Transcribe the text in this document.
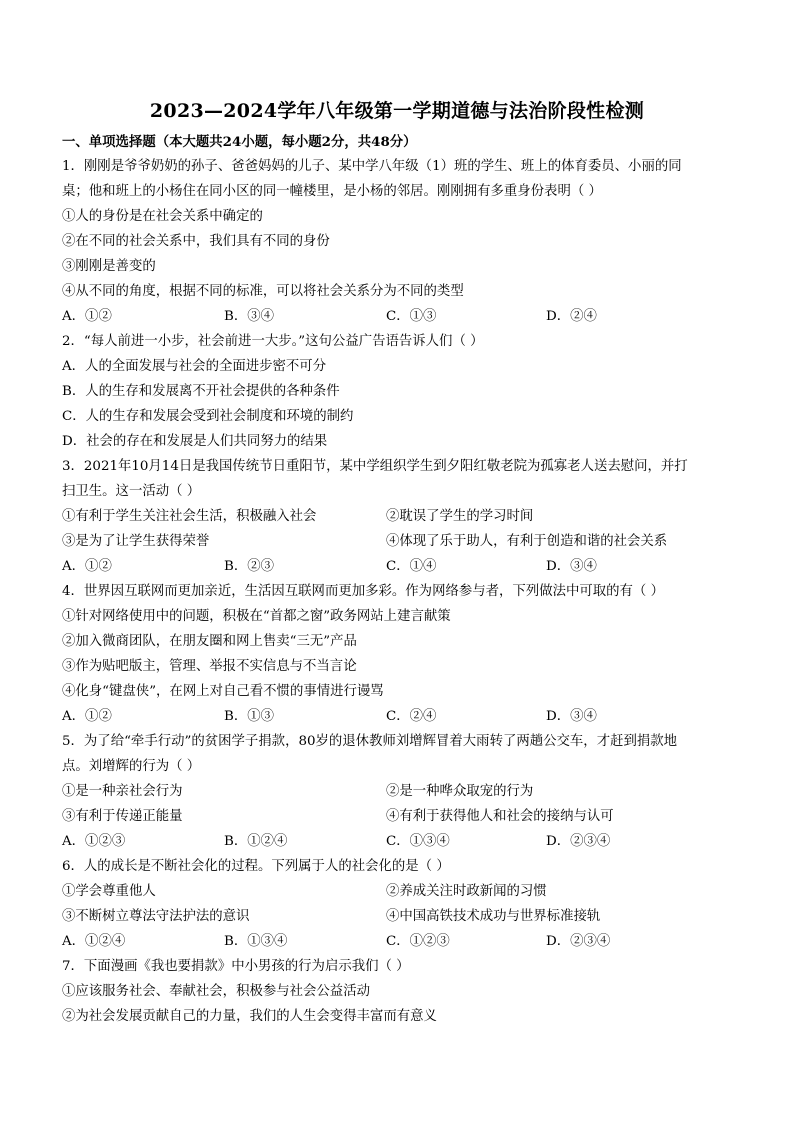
2023—2024学年八年级第一学期道德与法治阶段性检测
一、单项选择题（本大题共24小题，每小题2分，共48分）
1．刚刚是爷爷奶奶的孙子、爸爸妈妈的儿子、某中学八年级（1）班的学生、班上的体育委员、小丽的同
桌；他和班上的小杨住在同小区的同一幢楼里，是小杨的邻居。刚刚拥有多重身份表明（ ）
①人的身份是在社会关系中确定的
②在不同的社会关系中，我们具有不同的身份
③刚刚是善变的
④从不同的角度，根据不同的标准，可以将社会关系分为不同的类型
A．①②	B．③④	C．①③	D．②④
2．“每人前进一小步，社会前进一大步。”这句公益广告语告诉人们（ ）
A．人的全面发展与社会的全面进步密不可分
B．人的生存和发展离不开社会提供的各种条件
C．人的生存和发展会受到社会制度和环境的制约
D．社会的存在和发展是人们共同努力的结果
3．2021年10月14日是我国传统节日重阳节，某中学组织学生到夕阳红敬老院为孤寡老人送去慰问，并打
扫卫生。这一活动（ ）
①有利于学生关注社会生活，积极融入社会	②耽误了学生的学习时间
③是为了让学生获得荣誉	④体现了乐于助人，有利于创造和谐的社会关系
A．①②	B．②③	C．①④	D．③④
4．世界因互联网而更加亲近，生活因互联网而更加多彩。作为网络参与者，下列做法中可取的有（ ）
①针对网络使用中的问题，积极在“首都之窗”政务网站上建言献策
②加入微商团队，在朋友圈和网上售卖“三无”产品
③作为贴吧版主，管理、举报不实信息与不当言论
④化身“键盘侠”，在网上对自己看不惯的事情进行谩骂
A．①②	B．①③	C．②④	D．③④
5．为了给“牵手行动”的贫困学子捐款，80岁的退休教师刘增辉冒着大雨转了两趟公交车，才赶到捐款地
点。刘增辉的行为（ ）
①是一种亲社会行为	②是一种哗众取宠的行为
③有利于传递正能量	④有利于获得他人和社会的接纳与认可
A．①②③	B．①②④	C．①③④	D．②③④
6．人的成长是不断社会化的过程。下列属于人的社会化的是（ ）
①学会尊重他人	②养成关注时政新闻的习惯
③不断树立尊法守法护法的意识	④中国高铁技术成功与世界标准接轨
A．①②④	B．①③④	C．①②③	D．②③④
7．下面漫画《我也要捐款》中小男孩的行为启示我们（ ）
①应该服务社会、奉献社会，积极参与社会公益活动
②为社会发展贡献自己的力量，我们的人生会变得丰富而有意义
